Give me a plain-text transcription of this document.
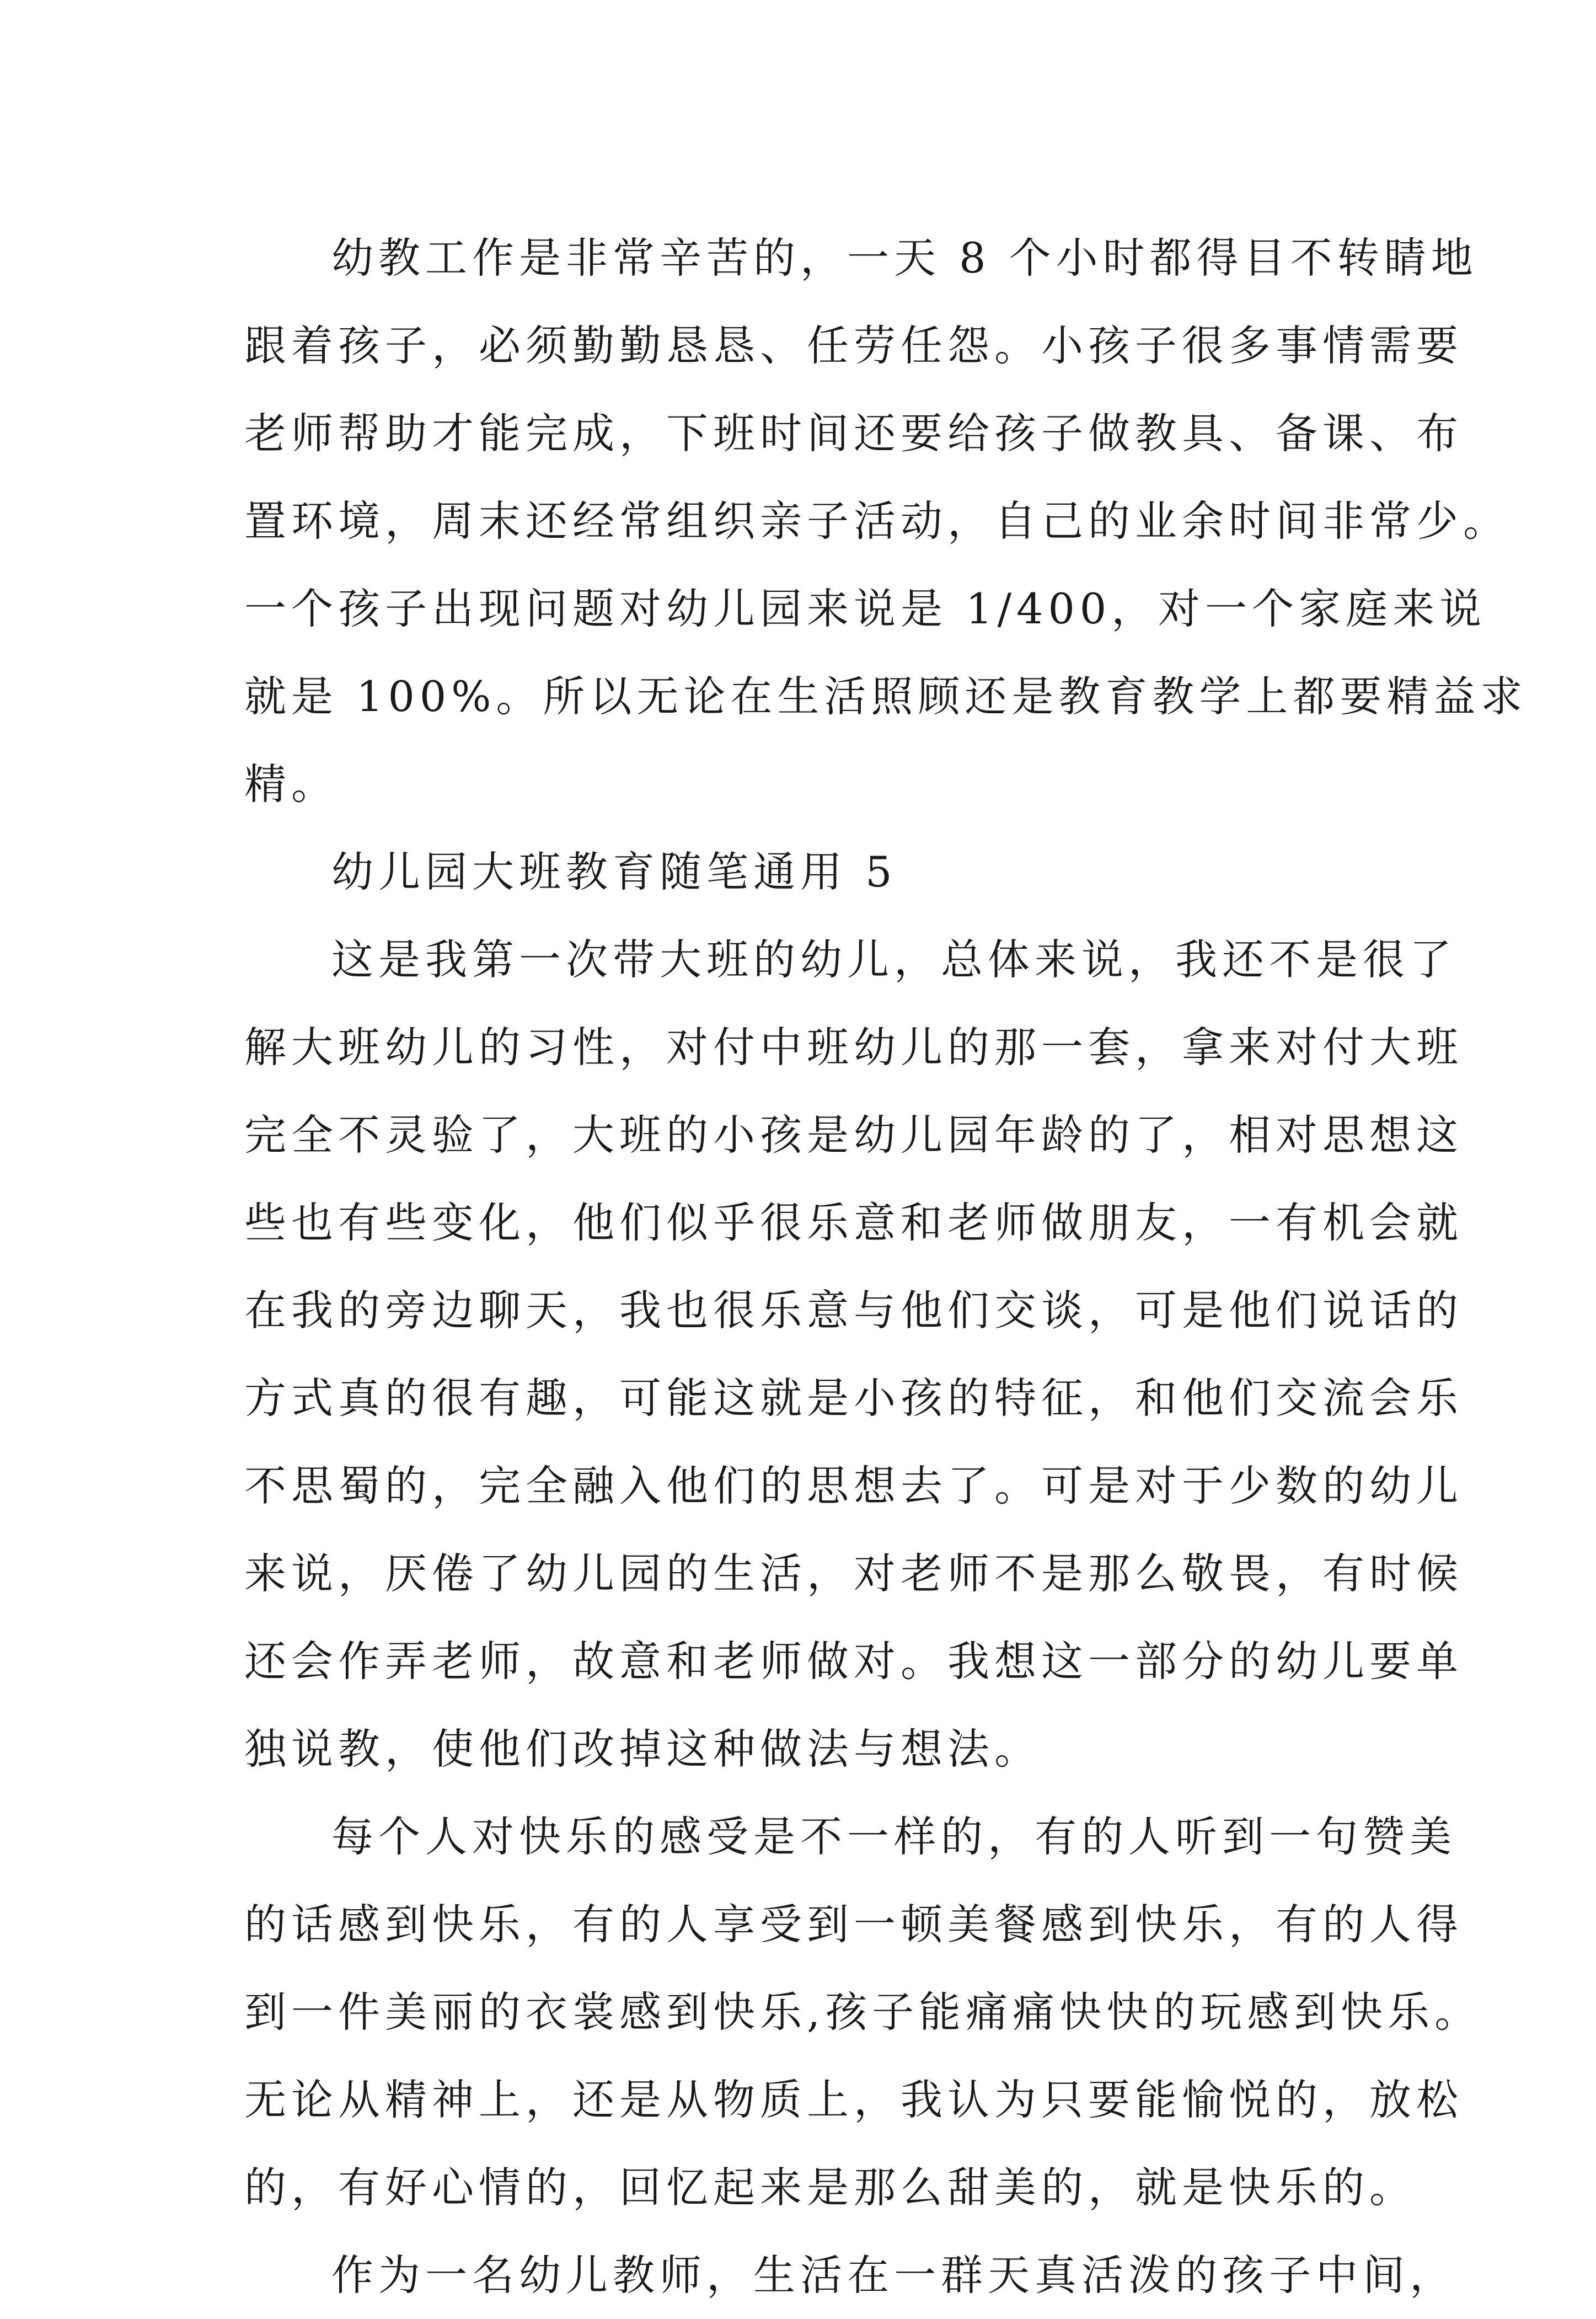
幼教工作是非常辛苦的，一天 8 个小时都得目不转睛地
跟着孩子，必须勤勤恳恳、任劳任怨。小孩子很多事情需要
老师帮助才能完成，下班时间还要给孩子做教具、备课、布
置环境，周末还经常组织亲子活动，自己的业余时间非常少。
一个孩子出现问题对幼儿园来说是 1/400，对一个家庭来说
就是 100%。所以无论在生活照顾还是教育教学上都要精益求
精。
幼儿园大班教育随笔通用 5
这是我第一次带大班的幼儿，总体来说，我还不是很了
解大班幼儿的习性，对付中班幼儿的那一套，拿来对付大班
完全不灵验了，大班的小孩是幼儿园年龄的了，相对思想这
些也有些变化，他们似乎很乐意和老师做朋友，一有机会就
在我的旁边聊天，我也很乐意与他们交谈，可是他们说话的
方式真的很有趣，可能这就是小孩的特征，和他们交流会乐
不思蜀的，完全融入他们的思想去了。可是对于少数的幼儿
来说，厌倦了幼儿园的生活，对老师不是那么敬畏，有时候
还会作弄老师，故意和老师做对。我想这一部分的幼儿要单
独说教，使他们改掉这种做法与想法。
每个人对快乐的感受是不一样的，有的人听到一句赞美
的话感到快乐，有的人享受到一顿美餐感到快乐，有的人得
到一件美丽的衣裳感到快乐,孩子能痛痛快快的玩感到快乐。
无论从精神上，还是从物质上，我认为只要能愉悦的，放松
的，有好心情的，回忆起来是那么甜美的，就是快乐的。
作为一名幼儿教师，生活在一群天真活泼的孩子中间，
